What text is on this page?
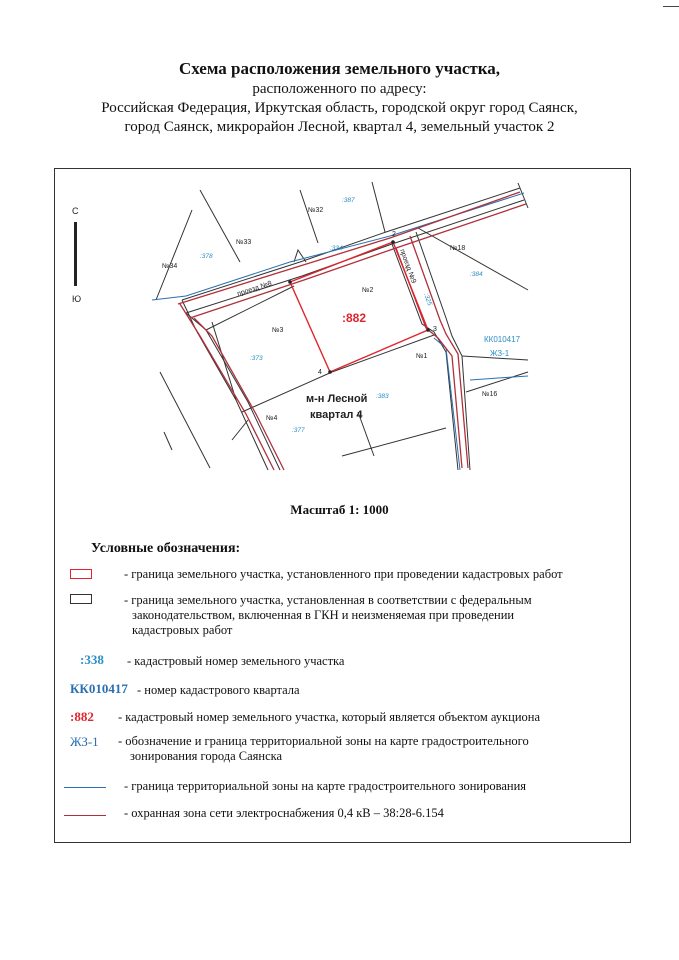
Схема расположения земельного участка,
расположенного по адресу:
Российская Федерация, Иркутская область, городской округ город Саянск,
город Саянск, микрорайон Лесной, квартал 4, земельный участок 2
С
Ю
2
3
4
№32
№33
№34
№18
№2
№3
№1
№16
№4
:387
:334
:378
:384
:373
:383
:377
:325
проезд №8
проезд №9
:882
м-н Лесной
квартал 4
КК010417
ЖЗ-1
Масштаб 1: 1000
Условные обозначения:
- граница земельного участка, установленного при проведении кадастровых работ
- граница земельного участка, установленная в соответствии с федеральным
законодательством, включенная в ГКН и неизменяемая при проведении
кадастровых работ
:338 - кадастровый номер земельного участка
КК010417 - номер кадастрового квартала
:882 - кадастровый номер земельного участка, который является объектом аукциона
ЖЗ-1 - обозначение и граница территориальной зоны на карте градостроительного
зонирования города Саянска
- граница территориальной зоны на карте градостроительного зонирования
- охранная зона сети электроснабжения 0,4 кВ – 38:28-6.154
